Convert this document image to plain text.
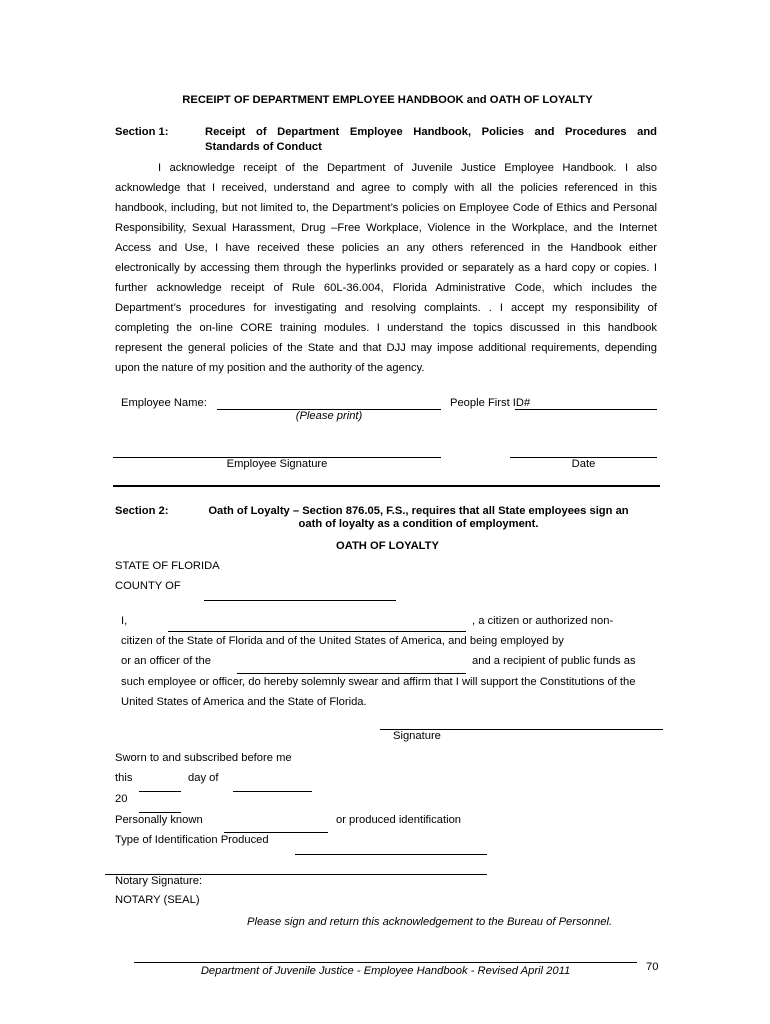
RECEIPT OF DEPARTMENT EMPLOYEE HANDBOOK and OATH OF LOYALTY
Section 1:	Receipt of Department Employee Handbook, Policies and Procedures and
Standards of Conduct
I acknowledge receipt of the Department of Juvenile Justice Employee Handbook. I also
acknowledge that I received, understand and agree to comply with all the policies referenced in this
handbook, including, but not limited to, the Department’s policies on Employee Code of Ethics and Personal
Responsibility, Sexual Harassment, Drug –Free Workplace, Violence in the Workplace, and the Internet
Access and Use, I have received these policies an any others referenced in the Handbook either
electronically by accessing them through the hyperlinks provided or separately as a hard copy or copies. I
further acknowledge receipt of Rule 60L-36.004, Florida Administrative Code, which includes the
Department’s procedures for investigating and resolving complaints. . I accept my responsibility of
completing the on-line CORE training modules. I understand the topics discussed in this handbook
represent the general policies of the State and that DJJ may impose additional requirements, depending
upon the nature of my position and the authority of the agency.
Employee Name:	People First ID#
(Please print)
Employee Signature	Date
Section 2:	Oath of Loyalty – Section 876.05, F.S., requires that all State employees sign an
oath of loyalty as a condition of employment.
OATH OF LOYALTY
STATE OF FLORIDA
COUNTY OF
I,	, a citizen or authorized non-
citizen of the State of Florida and of the United States of America, and being employed by
or an officer of the	and a recipient of public funds as
such employee or officer, do hereby solemnly swear and affirm that I will support the Constitutions of the
United States of America and the State of Florida.
Signature
Sworn to and subscribed before me
this	day of
20
Personally known	or produced identification
Type of Identification Produced
Notary Signature:
NOTARY (SEAL)
Please sign and return this acknowledgement to the Bureau of Personnel.
Department of Juvenile Justice - Employee Handbook - Revised April 2011	70
